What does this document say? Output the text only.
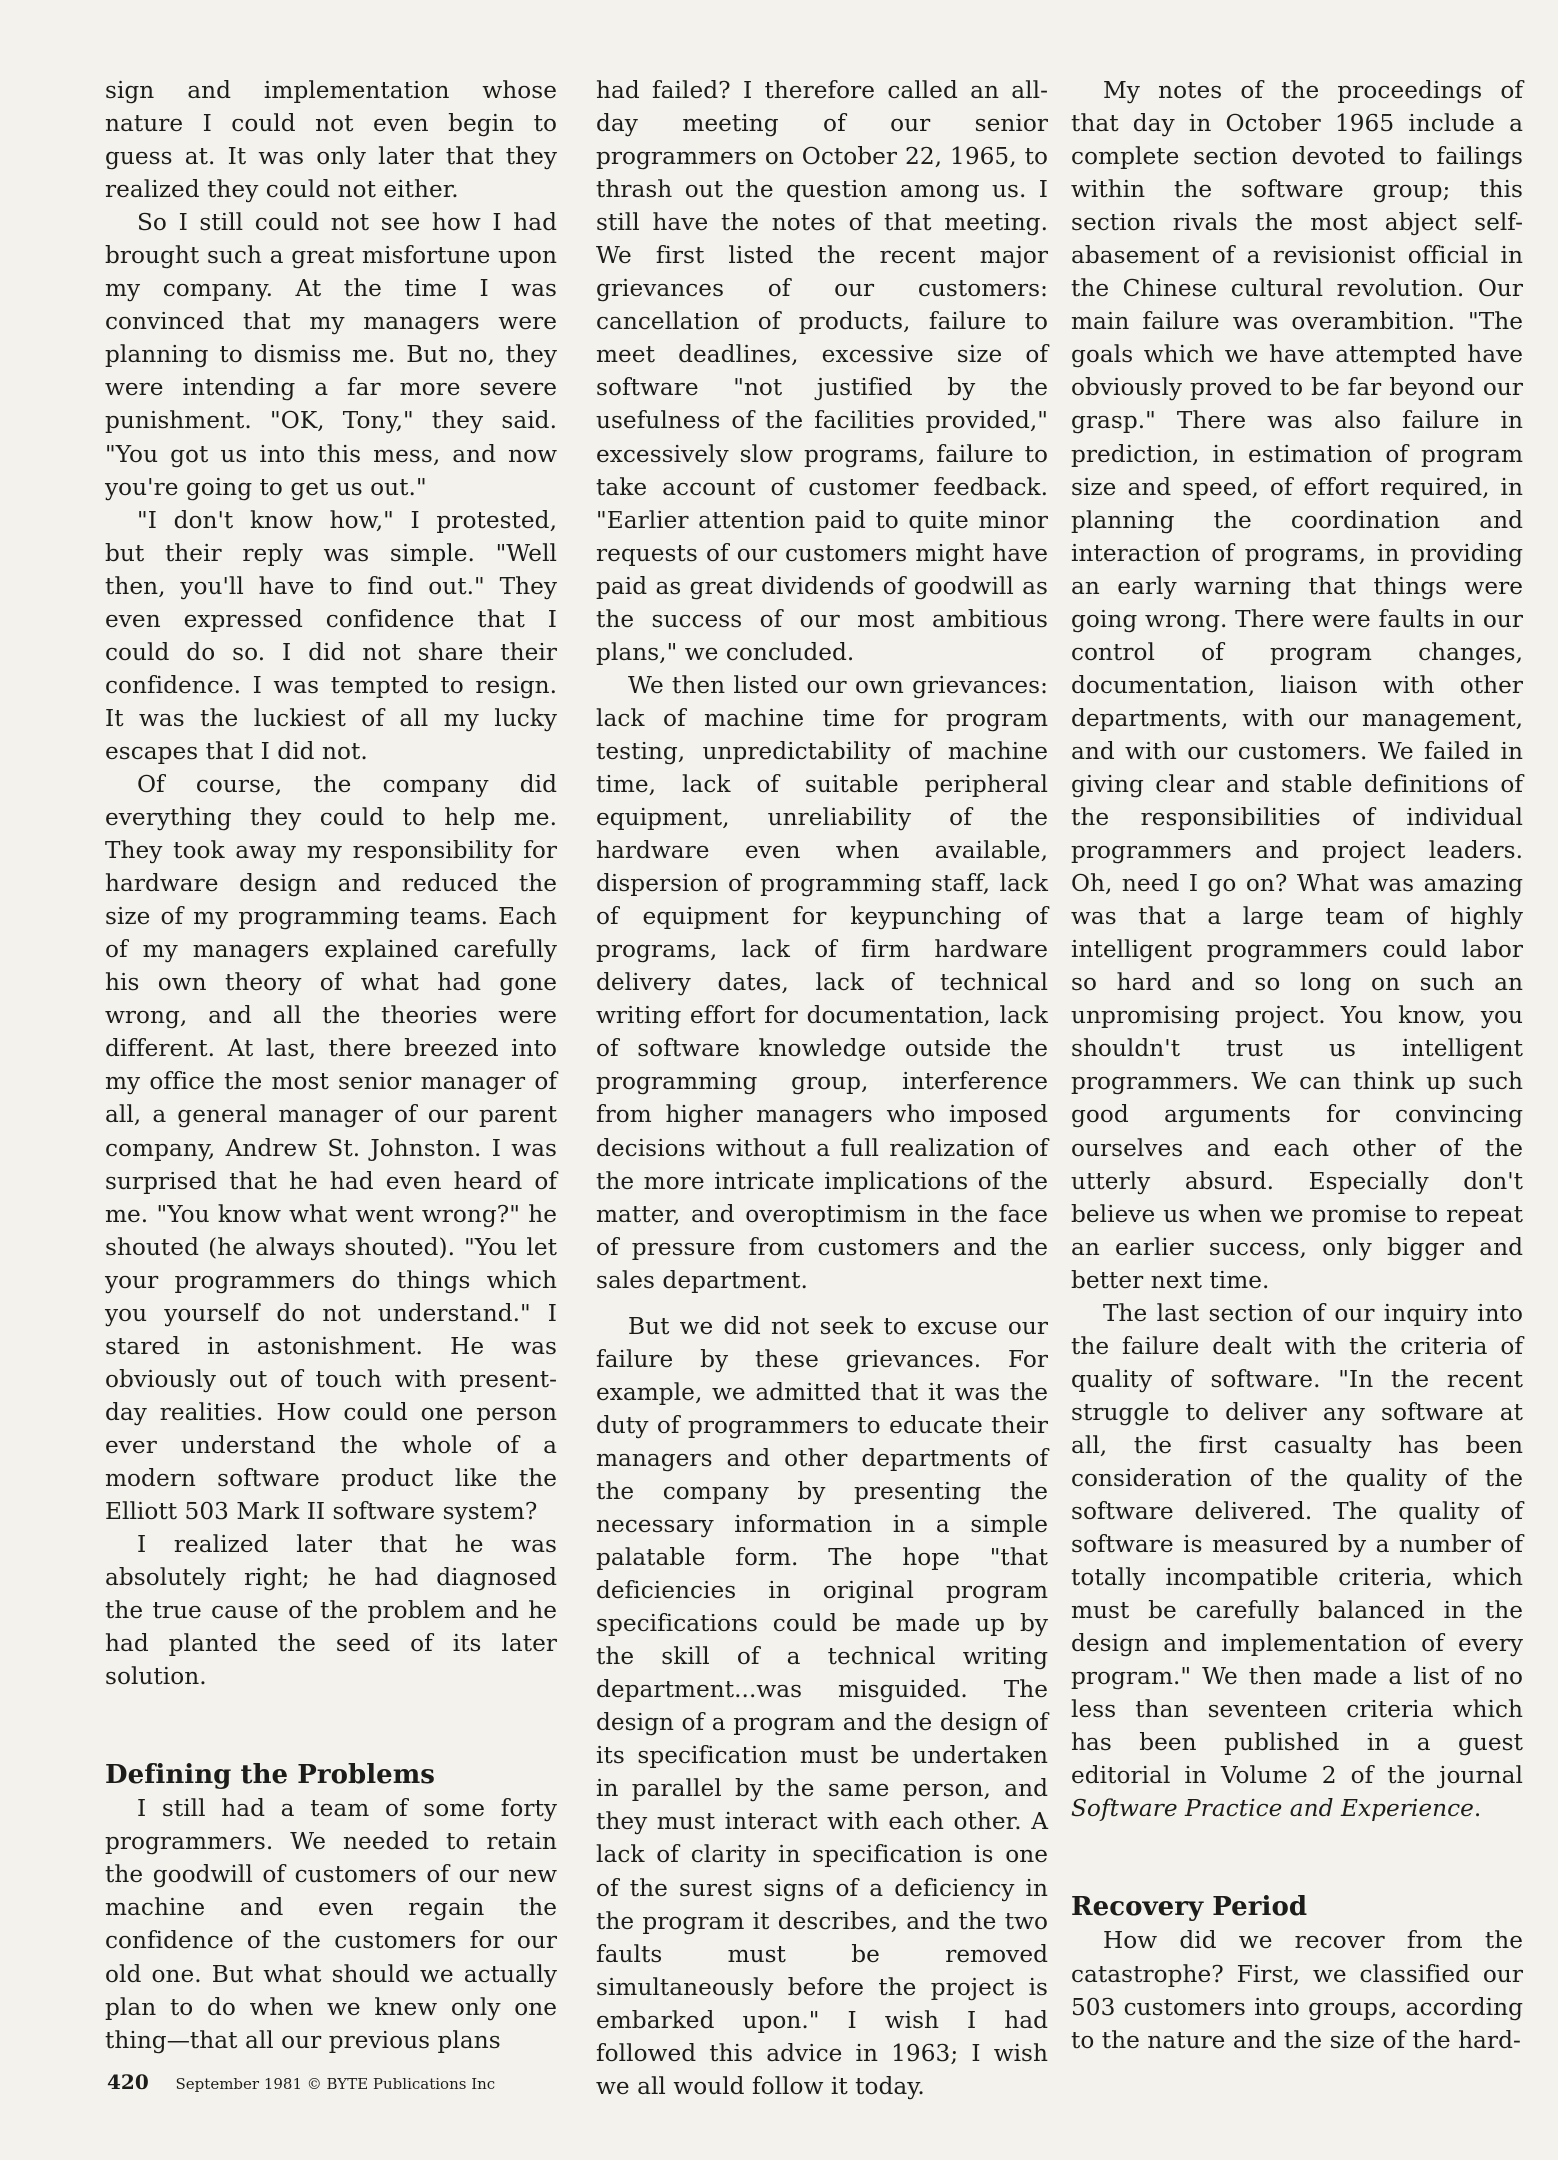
sign and implementation whose nature I could not even begin to guess at. It was only later that they realized they could not either.

So I still could not see how I had brought such a great misfortune upon my company. At the time I was convinced that my managers were planning to dismiss me. But no, they were intending a far more severe punishment. "OK, Tony," they said. "You got us into this mess, and now you're going to get us out."

"I don't know how," I protested, but their reply was simple. "Well then, you'll have to find out." They even expressed confidence that I could do so. I did not share their confidence. I was tempted to resign. It was the luckiest of all my lucky escapes that I did not.

Of course, the company did everything they could to help me. They took away my responsibility for hardware design and reduced the size of my programming teams. Each of my managers explained carefully his own theory of what had gone wrong, and all the theories were different. At last, there breezed into my office the most senior manager of all, a general manager of our parent company, Andrew St. Johnston. I was surprised that he had even heard of me. "You know what went wrong?" he shouted (he always shouted). "You let your programmers do things which you yourself do not understand." I stared in astonishment. He was obviously out of touch with present-day realities. How could one person ever understand the whole of a modern software product like the Elliott 503 Mark II software system?

I realized later that he was absolutely right; he had diagnosed the true cause of the problem and he had planted the seed of its later solution.

Defining the Problems

I still had a team of some forty programmers. We needed to retain the goodwill of customers of our new machine and even regain the confidence of the customers for our old one. But what should we actually plan to do when we knew only one thing—that all our previous plans

had failed? I therefore called an all-day meeting of our senior programmers on October 22, 1965, to thrash out the question among us. I still have the notes of that meeting. We first listed the recent major grievances of our customers: cancellation of products, failure to meet deadlines, excessive size of software "not justified by the usefulness of the facilities provided," excessively slow programs, failure to take account of customer feedback. "Earlier attention paid to quite minor requests of our customers might have paid as great dividends of goodwill as the success of our most ambitious plans," we concluded.

We then listed our own grievances: lack of machine time for program testing, unpredictability of machine time, lack of suitable peripheral equipment, unreliability of the hardware even when available, dispersion of programming staff, lack of equipment for keypunching of programs, lack of firm hardware delivery dates, lack of technical writing effort for documentation, lack of software knowledge outside the programming group, interference from higher managers who imposed decisions without a full realization of the more intricate implications of the matter, and overoptimism in the face of pressure from customers and the sales department.

But we did not seek to excuse our failure by these grievances. For example, we admitted that it was the duty of programmers to educate their managers and other departments of the company by presenting the necessary information in a simple palatable form. The hope "that deficiencies in original program specifications could be made up by the skill of a technical writing department...was misguided. The design of a program and the design of its specification must be undertaken in parallel by the same person, and they must interact with each other. A lack of clarity in specification is one of the surest signs of a deficiency in the program it describes, and the two faults must be removed simultaneously before the project is embarked upon." I wish I had followed this advice in 1963; I wish we all would follow it today.

My notes of the proceedings of that day in October 1965 include a complete section devoted to failings within the software group; this section rivals the most abject self-abasement of a revisionist official in the Chinese cultural revolution. Our main failure was overambition. "The goals which we have attempted have obviously proved to be far beyond our grasp." There was also failure in prediction, in estimation of program size and speed, of effort required, in planning the coordination and interaction of programs, in providing an early warning that things were going wrong. There were faults in our control of program changes, documentation, liaison with other departments, with our management, and with our customers. We failed in giving clear and stable definitions of the responsibilities of individual programmers and project leaders. Oh, need I go on? What was amazing was that a large team of highly intelligent programmers could labor so hard and so long on such an unpromising project. You know, you shouldn't trust us intelligent programmers. We can think up such good arguments for convincing ourselves and each other of the utterly absurd. Especially don't believe us when we promise to repeat an earlier success, only bigger and better next time.

The last section of our inquiry into the failure dealt with the criteria of quality of software. "In the recent struggle to deliver any software at all, the first casualty has been consideration of the quality of the software delivered. The quality of software is measured by a number of totally incompatible criteria, which must be carefully balanced in the design and implementation of every program." We then made a list of no less than seventeen criteria which has been published in a guest editorial in Volume 2 of the journal Software Practice and Experience.

Recovery Period

How did we recover from the catastrophe? First, we classified our 503 customers into groups, according to the nature and the size of the hard-

420 September 1981 © BYTE Publications Inc
